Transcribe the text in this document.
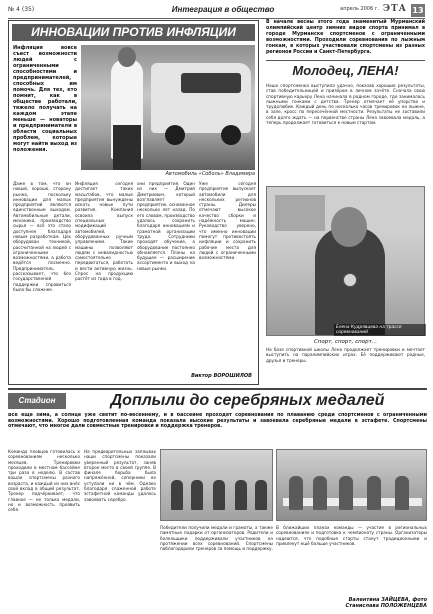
№ 4 (35)	Интеграция в общество	апрель 2006 г. ЭТА 13
ИННОВАЦИИ ПРОТИВ ИНФЛЯЦИИ
Инфляция вовсе съест возможности людей с ограниченными способностями и предпринимателей, способных им помочь. Для тех, кто помнит, как в обществе работали, тяжело получать на каждом этапе меньше — новаторы и предприниматели в области социальных проблем, которые могут найти выход из положения.
Автомобиль «Соболь» Владимира
Даже в том, что он новый, хорошо, сторону рынка, поскольку инновации для малых предприятий являются единственным выходом. Автомобильные детали, механика, производство сырья — всё это стало доступнее благодаря новым разработкам. Цех оборудован техникой, рассчитанной на людей с ограниченными возможностями, а работа ведётся посменно. Предприниматель рассказывает, что без государственной поддержки справиться было бы сложнее.
Инфляция сегодня достигает таких масштабов, что малые предприятия вынуждены искать новые пути развития. Компания освоила выпуск специальных модификаций автомобилей, оборудованных ручным управлением. Такие машины позволяют людям с инвалидностью самостоятельно передвигаться, работать и вести активную жизнь. Спрос на продукцию растёт из года в год.
они предприятия. Один из них — Дмитрий Дмитриевич, который возглавляет предприятие, основанное несколько лет назад. По его словам, производство удалось сохранить благодаря инновациям и грамотной организации труда. Сотрудники проходят обучение, а оборудование постоянно обновляется. Планы на будущее — расширение ассортимента и выход на новые рынки.
Уже сегодня предприятие выпускает автомобили для нескольких регионов страны. Дилеры отмечают высокое качество сборки и надёжность машин. Руководство уверено, что именно инновации помогут противостоять инфляции и сохранить рабочие места для людей с ограниченными возможностями.
Виктор ВОРОШИЛОВ
В начале весны этого года знаменитый Мурманский олимпийский центр зимних видов спорта принимал в городе Мурманске спортсменов с ограниченными возможностями. Проходили соревнования по лыжным гонкам, в которых участвовали спортсмены из разных регионов России и Санкт-Петербурга.
Молодец, ЛЕНА!
Наша спортсменка выступила удачно, показав хорошие результаты, став победительницей и призёром в личном зачёте. Сначала свою спортивную карьеру Лена начинала в родном городе, где занималась лыжными гонками с детства. Тренер отмечает её упорство и трудолюбие. Каждый день по несколько часов тренировок на лыжне, в зале, кросс по пересечённой местности. Результаты не заставили себя долго ждать — на первенстве страны Лена завоевала медаль, а теперь продолжает готовиться к новым стартам.
Елена Кудрявцева на трассе соревнований
Спорт, спорт, спорт...
На базе спортивной школы Лена продолжает тренировки и мечтает выступить на паралимпийских играх. Её поддерживают родные, друзья и тренеры.
Стадион	Доплыли до серебряных медалей
Всё ещё зима, а солнце уже светит по-весеннему, и в бассейне проходят соревнования по плаванию среди спортсменов с ограниченными возможностями. Хорошо подготовленная команда показала высокие результаты и завоевала серебряные медали в эстафете. Спортсмены отмечают, что многое дали совместные тренировки и поддержка тренеров.
Команда пловцов готовилась к соревнованиям несколько месяцев. Тренировки проходили в местном бассейне три раза в неделю. В состав вошли спортсмены разного возраста, и каждый из них внёс свой вклад в общий результат. Тренер подчёркивает, что главное — не только медали, но и возможность проявить себя.
На предварительных заплывах наши спортсмены показали уверенный результат, заняв второе место в своей группе. В финале борьба была напряжённой, соперники не уступали ни в чём. Однако благодаря слаженной работе эстафетной команды удалось завоевать серебро.
Победители получили медали и грамоты, а также памятные подарки от организаторов. Родители и болельщики поддерживали участников на протяжении всех соревнований. Спортсмены поблагодарили тренеров за помощь и поддержку.
В ближайших планах команды — участие в региональных соревнованиях и подготовка к чемпионату страны. Организаторы надеются, что подобные старты станут традиционными и привлекут ещё больше участников.
Валентина ЗАЙЦЕВА, фото Станислава ПОЛОЖЕНЦЕВА
